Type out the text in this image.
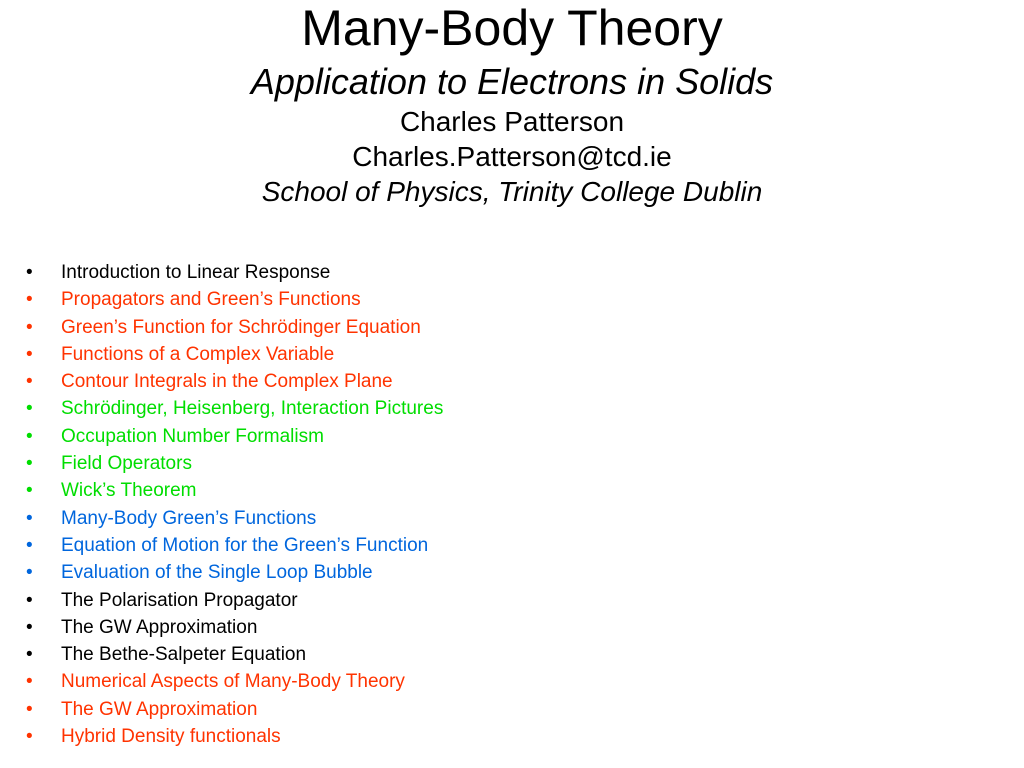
Many-Body Theory
Application to Electrons in Solids
Charles Patterson
Charles.Patterson@tcd.ie
School of Physics, Trinity College Dublin
• Introduction to Linear Response
• Propagators and Green’s Functions
• Green’s Function for Schrödinger Equation
• Functions of a Complex Variable
• Contour Integrals in the Complex Plane
• Schrödinger, Heisenberg, Interaction Pictures
• Occupation Number Formalism
• Field Operators
• Wick’s Theorem
• Many-Body Green’s Functions
• Equation of Motion for the Green’s Function
• Evaluation of the Single Loop Bubble
• The Polarisation Propagator
• The GW Approximation
• The Bethe-Salpeter Equation
• Numerical Aspects of Many-Body Theory
• The GW Approximation
• Hybrid Density functionals
